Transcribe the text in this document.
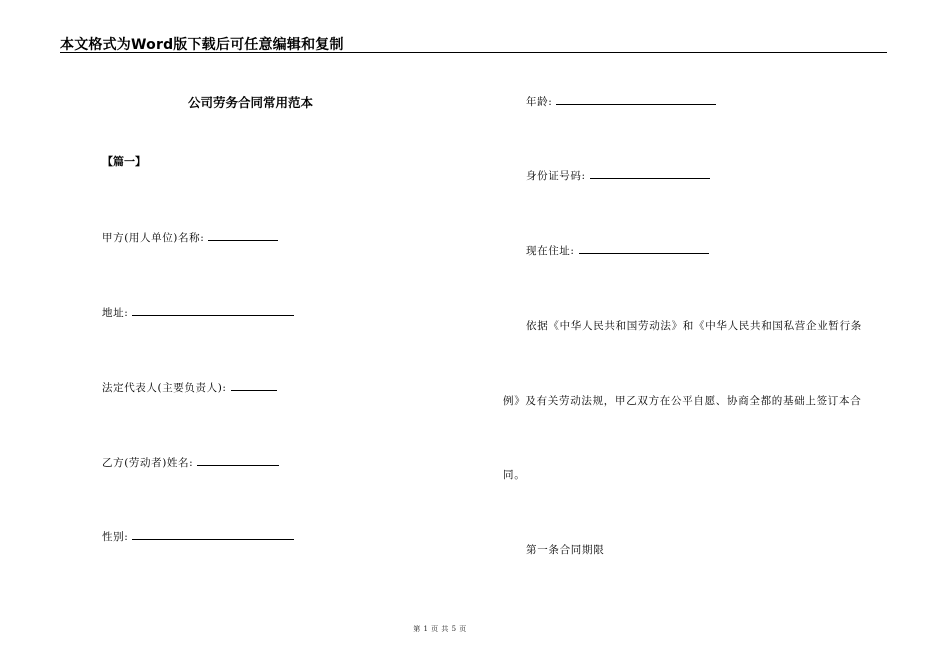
本文格式为Word版下载后可任意编辑和复制
公司劳务合同常用范本
【篇一】
甲方(用人单位)名称:
地址:
法定代表人(主要负责人):
乙方(劳动者)姓名:
性别:
年龄:
身份证号码:
现在住址:
依据《中华人民共和国劳动法》和《中华人民共和国私营企业暂行条
例》及有关劳动法规，甲乙双方在公平自愿、协商全都的基础上签订本合
同。
第一条合同期限
第 1 页 共 5 页
